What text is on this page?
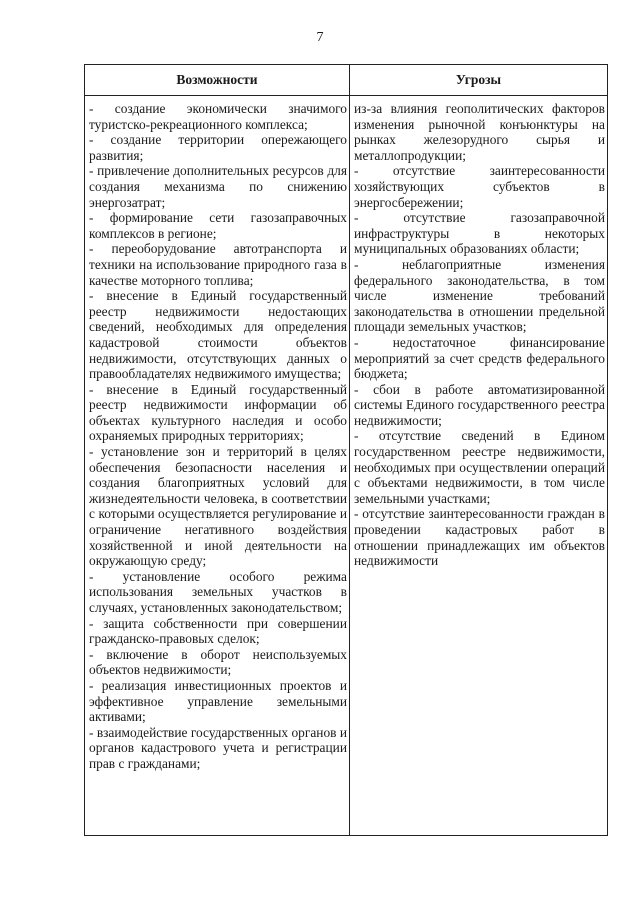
7
Возможности	Угрозы

- создание экономически значимого туристско-рекреационного комплекса;

- создание территории опережающего развития;

- привлечение дополнительных ресурсов для создания механизма по снижению энергозатрат;

- формирование сети газозаправочных комплексов в регионе;

- переоборудование автотранспорта и техники на использование природного газа в качестве моторного топлива;

- внесение в Единый государственный реестр недвижимости недостающих сведений, необходимых для определения кадастровой стоимости объектов недвижимости, отсутствующих данных о правообладателях недвижимого имущества;

- внесение в Единый государственный реестр недвижимости информации об объектах культурного наследия и особо охраняемых природных территориях;

- установление зон и территорий в целях обеспечения безопасности населения и создания благоприятных условий для жизнедеятельности человека, в соответствии с которыми осуществляется регулирование и ограничение негативного воздействия хозяйственной и иной деятельности на окружающую среду;

- установление особого режима использования земельных участков в случаях, установленных законодательством;

- защита собственности при совершении гражданско-правовых сделок;

- включение в оборот неиспользуемых объектов недвижимости;

- реализация инвестиционных проектов и эффективное управление земельными активами;

- взаимодействие государственных органов и органов кадастрового учета и регистрации прав с гражданами;

из-за влияния геополитических факторов изменения рыночной конъюнктуры на рынках железорудного сырья и металлопродукции;

- отсутствие заинтересованности хозяйствующих субъектов в энергосбережении;

- отсутствие газозаправочной инфраструктуры в некоторых муниципальных образованиях области;

- неблагоприятные изменения федерального законодательства, в том числе изменение требований законодательства в отношении предельной площади земельных участков;

- недостаточное финансирование мероприятий за счет средств федерального бюджета;

- сбои в работе автоматизированной системы Единого государственного реестра недвижимости;

- отсутствие сведений в Едином государственном реестре недвижимости, необходимых при осуществлении операций с объектами недвижимости, в том числе земельными участками;

- отсутствие заинтересованности граждан в проведении кадастровых работ в отношении принадлежащих им объектов недвижимости
